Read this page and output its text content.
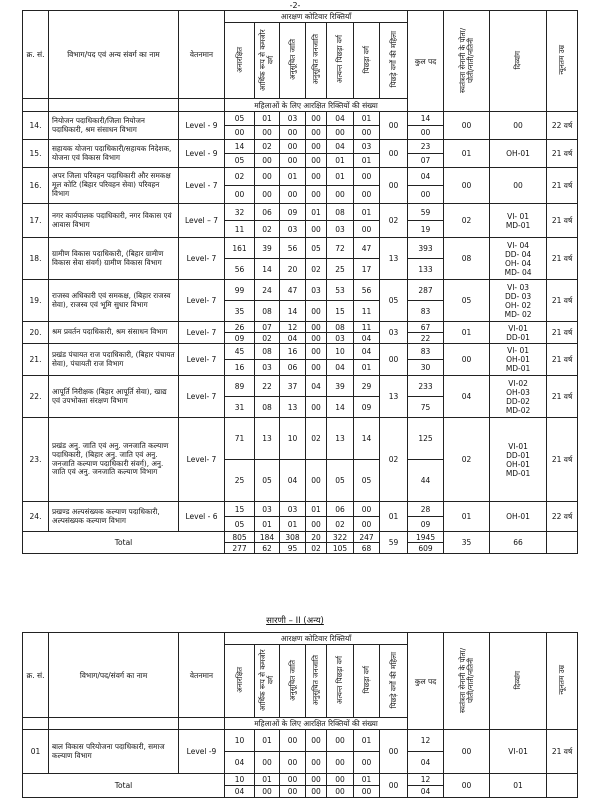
-2-
क्र. सं.	विभाग/पद एवं अन्य संवर्ग का नाम	वेतनमान	आरक्षण कोटिवार रिक्तियाँ							कुल पद	स्वतंत्रता सेनानी के पोता/पोती/नाती/नतिनी	दिव्यांग	न्यूनतम उम्र
			अनारक्षित	आर्थिक रूप से कमजोर वर्ग	अनुसूचित जाति	अनुसूचित जनजाति	अत्यन्त पिछड़ा वर्ग	पिछड़ा वर्ग	पिछड़े वर्गों की महिला				
			महिलाओं के लिए आरक्षित रिक्तियों की संख्या										
14.	नियोजन पदाधिकारी/जिला नियोजन पदाधिकारी, श्रम संसाधन विभाग	Level - 9	05	01	03	00	04	01	00	14	00	00	22 वर्ष
			00	00	00	00	00	00		00			
15.	सहायक योजना पदाधिकारी/सहायक निदेशक, योजना एवं विकास विभाग	Level - 9	14	02	00	00	04	03	00	23	01	OH-01	21 वर्ष
			05	00	00	00	01	01		07			
16.	अपर जिला परिवहन पदाधिकारी और समकक्ष मूल कोटि (बिहार परिवहन सेवा) परिवहन विभाग	Level - 7	02	00	01	00	01	00	00	04	00	00	21 वर्ष
			00	00	00	00	00	00		00			
17.	नगर कार्यपालक पदाधिकारी, नगर विकास एवं आवास विभाग	Level – 7	32	06	09	01	08	01	02	59	02	VI- 01
MD-01	21 वर्ष
			11	02	03	00	03	00		19			
18.	ग्रामीण विकास पदाधिकारी, (बिहार ग्रामीण विकास सेवा संवर्ग) ग्रामीण विकास विभाग	Level- 7	161	39	56	05	72	47	13	393	08	VI- 04
DD- 04
OH- 04
MD- 04	21 वर्ष
			56	14	20	02	25	17		133			
19.	राजस्व अधिकारी एवं समकक्ष, (बिहार राजस्व सेवा), राजस्व एवं भूमि सुधार विभाग	Level- 7	99	24	47	03	53	56	05	287	05	VI- 03
DD- 03
OH- 02
MD- 02	21 वर्ष
			35	08	14	00	15	11		83			
20.	श्रम प्रवर्तन पदाधिकारी, श्रम संसाधन विभाग	Level- 7	26	07	12	00	08	11	03	67	01	VI-01
DD-01	21 वर्ष
			09	02	04	00	03	04		22			
21.	प्रखंड पंचायत राज पदाधिकारी, (बिहार पंचायत सेवा), पंचायती राज विभाग	Level- 7	45	08	16	00	10	04	00	83	00	VI- 01
OH-01
MD-01	21 वर्ष
			16	03	06	00	04	01		30			
22.	आपूर्ति निरीक्षक (बिहार आपूर्ति सेवा), खाद्य एवं उपभोक्ता संरक्षण विभाग	Level- 7	89	22	37	04	39	29	13	233	04	VI-02
OH-03
DD-02
MD-02	21 वर्ष
			31	08	13	00	14	09		75			
23.	प्रखंड अनु. जाति एवं अनु. जनजाति कल्याण पदाधिकारी, (बिहार अनु. जाति एवं अनु. जनजाति कल्याण पदाधिकारी संवर्ग), अनु. जाति एवं अनु. जनजाति कल्याण विभाग	Level- 7	71	13	10	02	13	14	02	125	02	VI-01
DD-01
OH-01
MD-01	21 वर्ष
			25	05	04	00	05	05		44			
24.	प्रखण्ड अल्पसंख्यक कल्याण पदाधिकारी, अल्पसंख्यक कल्याण विभाग	Level - 6	15	03	03	01	06	00	01	28	01	OH-01	22 वर्ष
			05	01	01	00	02	00		09			
Total			805	184	308	20	322	247	59	1945	35	66	
			277	62	95	02	105	68		609			
सारणी – II (अन्य)
क्र. सं.	विभाग/पद/संवर्ग का नाम	वेतनमान	आरक्षण कोटिवार रिक्तियाँ							कुल पद	स्वतंत्रता सेनानी के पोता/पोती/नाती/नतिनी	दिव्यांग	न्यूनतम उम्र
			अनारक्षित	आर्थिक रूप से कमजोर वर्ग	अनुसूचित जाति	अनुसूचित जनजाति	अत्यन्त पिछड़ा वर्ग	पिछड़ा वर्ग	पिछड़े वर्गों की महिला				
			महिलाओं के लिए आरक्षित रिक्तियों की संख्या										
01	बाल विकास परियोजना पदाधिकारी, समाज कल्याण विभाग	Level -9	10	01	00	00	00	01	00	12	00	VI-01	21 वर्ष
			04	00	00	00	00	00		04			
Total			10	01	00	00	00	01	00	12	00	01	
			04	00	00	00	00	00		04			
